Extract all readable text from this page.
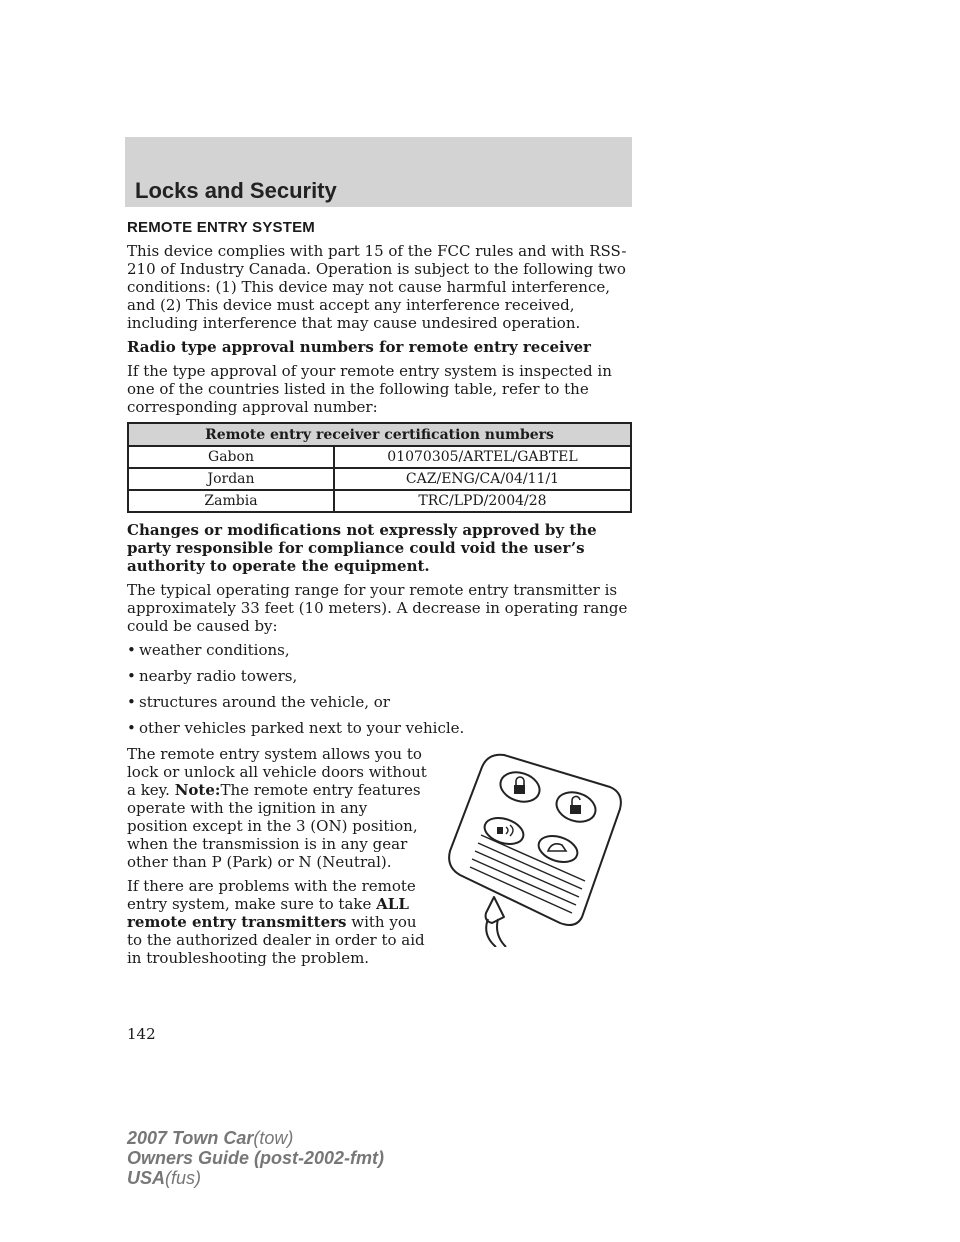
Locks and Security
REMOTE ENTRY SYSTEM

This device complies with part 15 of the FCC rules and with RSS-210 of Industry Canada. Operation is subject to the following two conditions: (1) This device may not cause harmful interference, and (2) This device must accept any interference received, including interference that may cause undesired operation.

Radio type approval numbers for remote entry receiver

If the type approval of your remote entry system is inspected in one of the countries listed in the following table, refer to the corresponding approval number:

Remote entry receiver certification numbers	
Gabon	01070305/ARTEL/GABTEL
Jordan	CAZ/ENG/CA/04/11/1
Zambia	TRC/LPD/2004/28

Changes or modifications not expressly approved by the party responsible for compliance could void the user’s authority to operate the equipment.

The typical operating range for your remote entry transmitter is approximately 33 feet (10 meters). A decrease in operating range could be caused by:

• weather conditions,
• nearby radio towers,
• structures around the vehicle, or
• other vehicles parked next to your vehicle.

The remote entry system allows you to lock or unlock all vehicle doors without a key. Note:The remote entry features operate with the ignition in any position except in the 3 (ON) position, when the transmission is in any gear other than P (Park) or N (Neutral).

If there are problems with the remote entry system, make sure to take ALL remote entry transmitters with you to the authorized dealer in order to aid in troubleshooting the problem.

142
2007 Town Car(tow)
Owners Guide (post-2002-fmt)
USA(fus)
